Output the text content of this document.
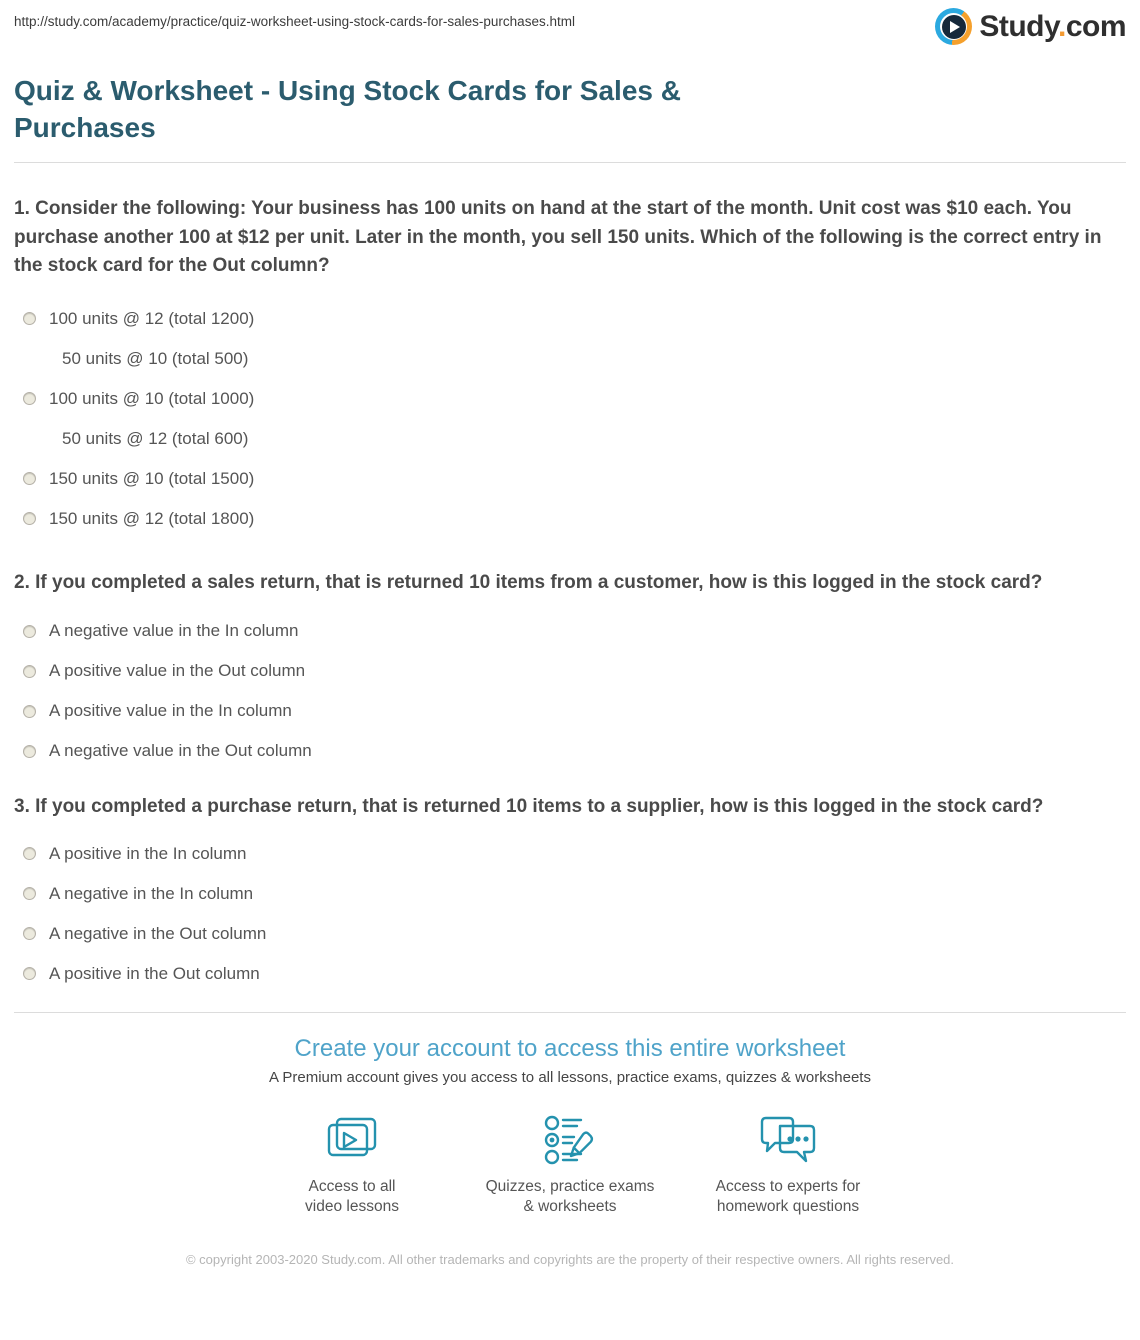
http://study.com/academy/practice/quiz-worksheet-using-stock-cards-for-sales-purchases.html	Study.com
Quiz & Worksheet - Using Stock Cards for Sales & Purchases
1. Consider the following: Your business has 100 units on hand at the start of the month. Unit cost was $10 each. You purchase another 100 at $12 per unit. Later in the month, you sell 150 units. Which of the following is the correct entry in the stock card for the Out column?
100 units @ 12 (total 1200)
50 units @ 10 (total 500)
100 units @ 10 (total 1000)
50 units @ 12 (total 600)
150 units @ 10 (total 1500)
150 units @ 12 (total 1800)
2. If you completed a sales return, that is returned 10 items from a customer, how is this logged in the stock card?
A negative value in the In column
A positive value in the Out column
A positive value in the In column
A negative value in the Out column
3. If you completed a purchase return, that is returned 10 items to a supplier, how is this logged in the stock card?
A positive in the In column
A negative in the In column
A negative in the Out column
A positive in the Out column
Create your account to access this entire worksheet
A Premium account gives you access to all lessons, practice exams, quizzes & worksheets
Access to all
video lessons
Quizzes, practice exams
& worksheets
Access to experts for
homework questions
© copyright 2003-2020 Study.com. All other trademarks and copyrights are the property of their respective owners. All rights reserved.
